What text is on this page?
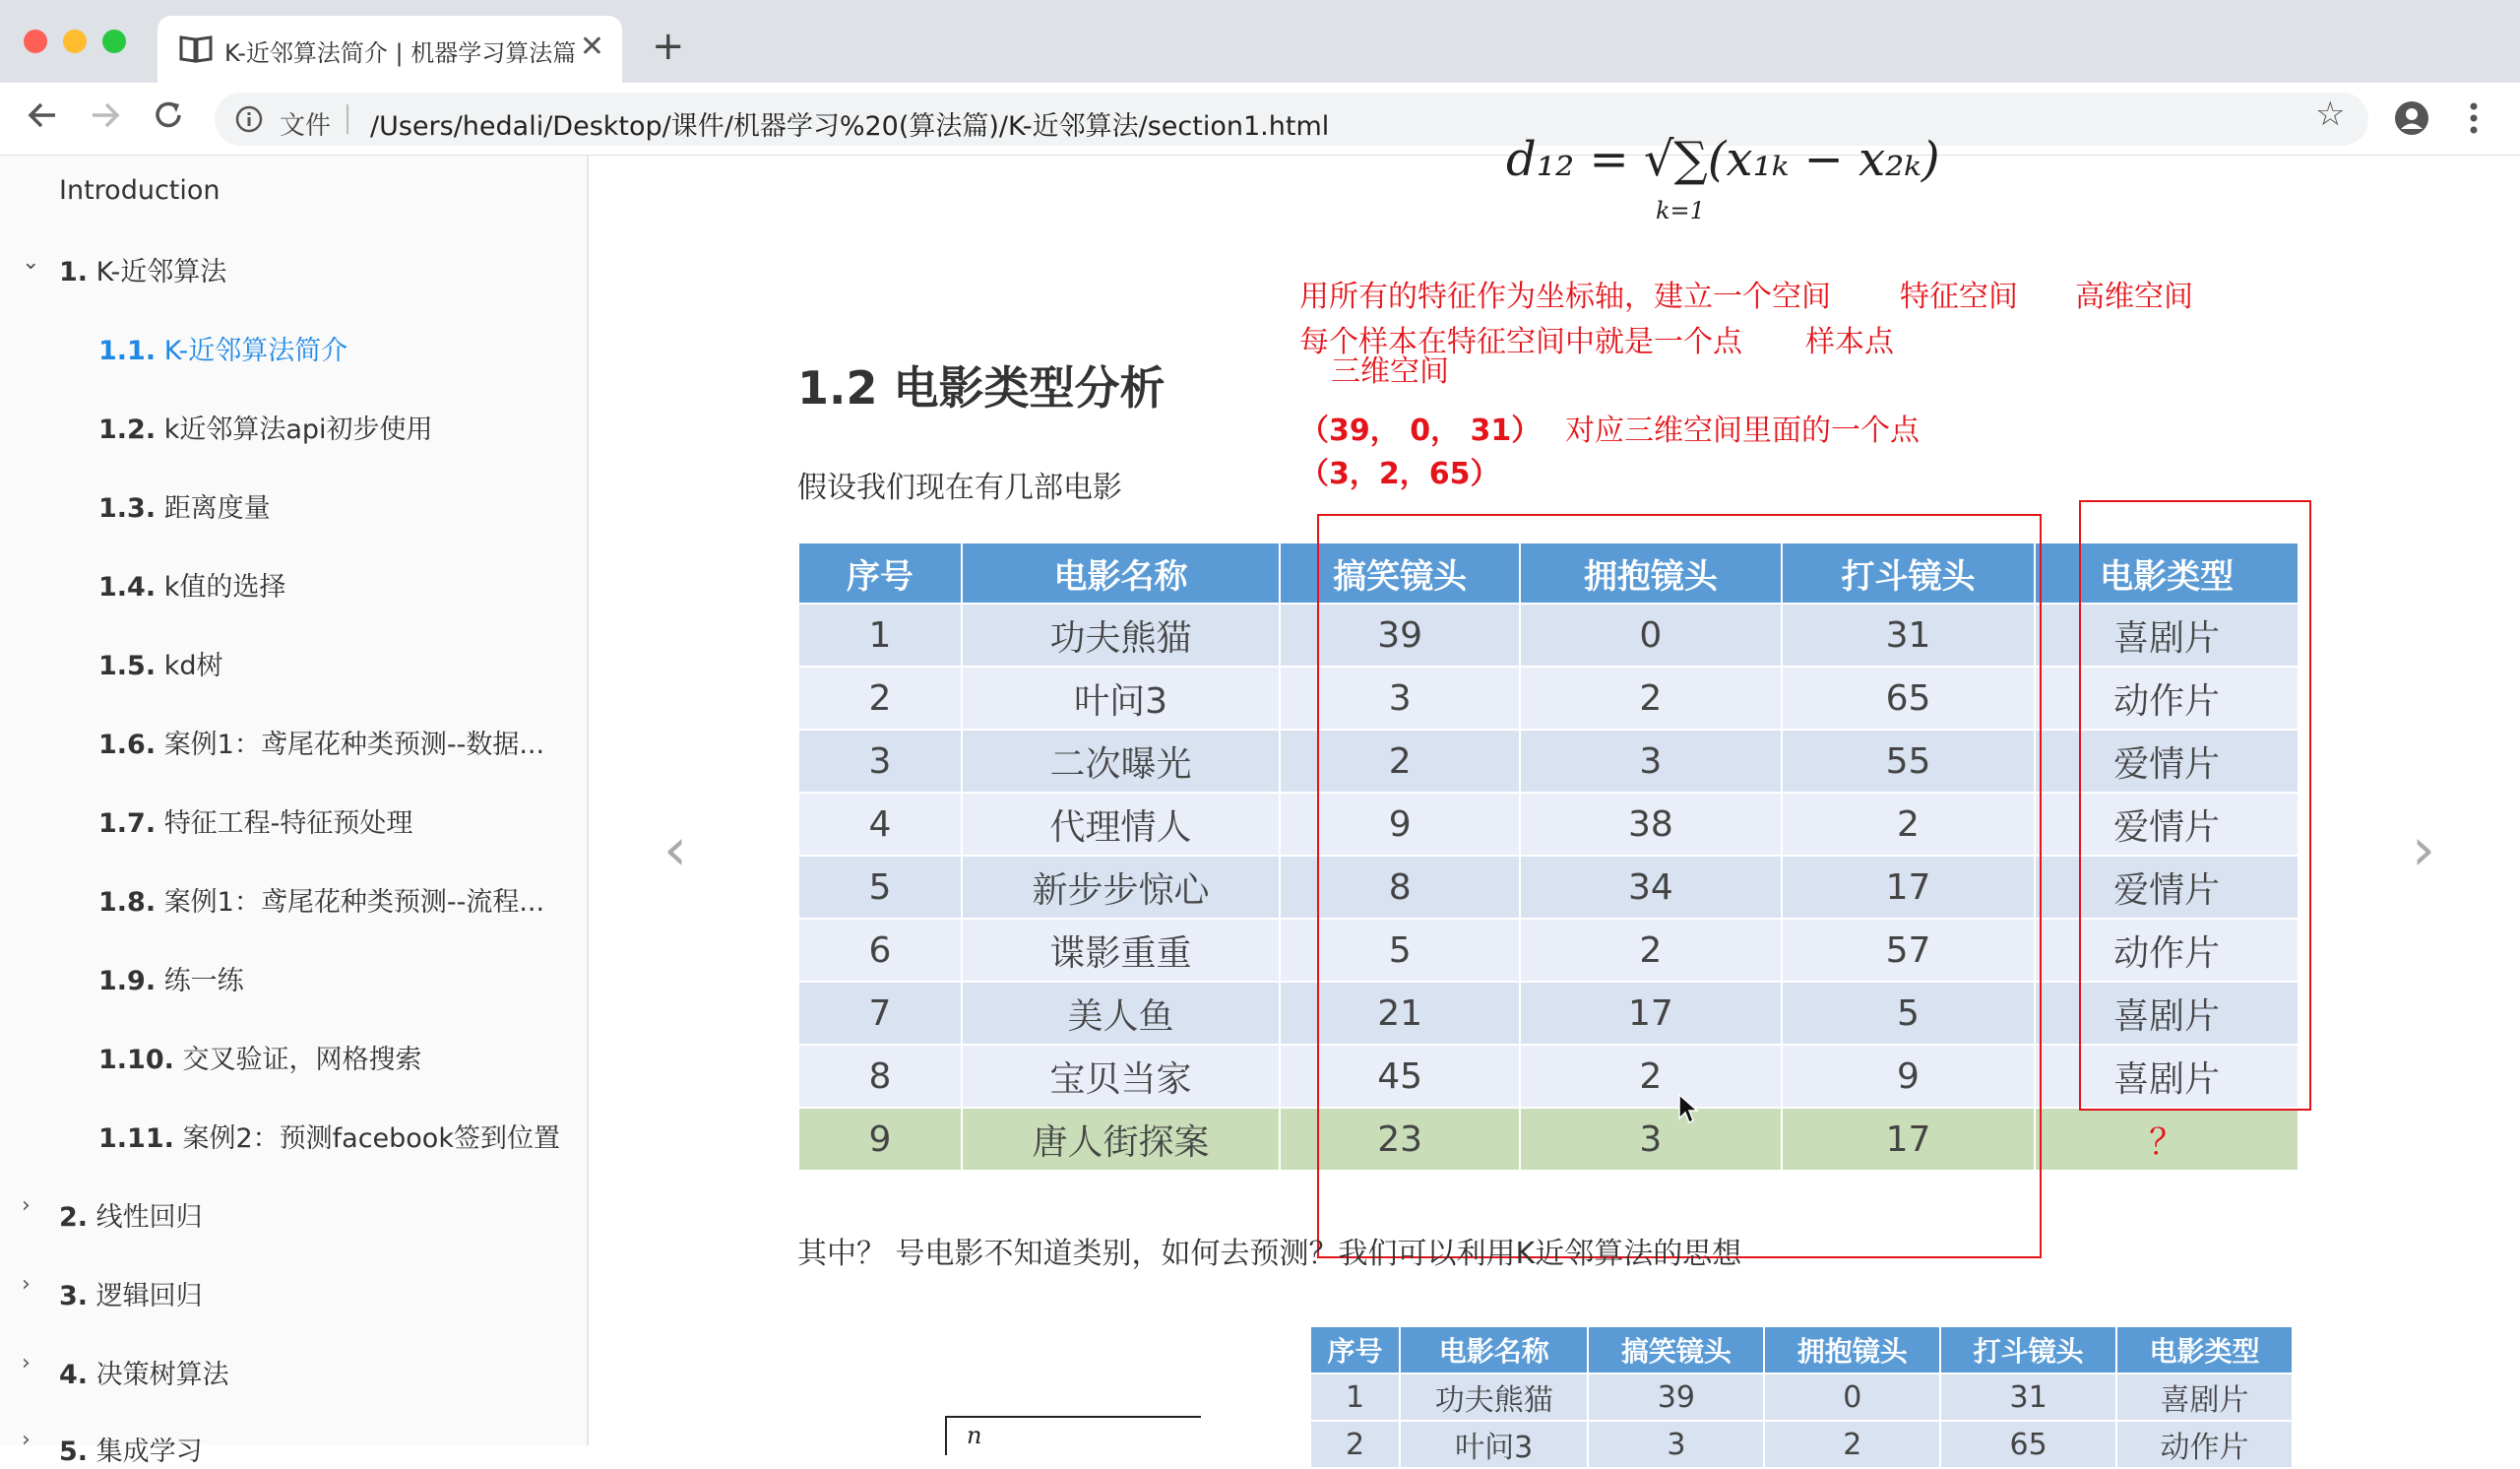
K-近邻算法简介 | 机器学习算法篇 ✕ +
文件 /Users/hedali/Desktop/课件/机器学习%20(算法篇)/K-近邻算法/section1.html	☆
Introduction
⌄ 1. K-近邻算法
1.1. K-近邻算法简介
1.2. k近邻算法api初步使用
1.3. 距离度量
1.4. k值的选择
1.5. kd树
1.6. 案例1：鸢尾花种类预测--数据...
1.7. 特征工程-特征预处理
1.8. 案例1：鸢尾花种类预测--流程...
1.9. 练一练
1.10. 交叉验证，网格搜索
1.11. 案例2：预测facebook签到位置
› 2. 线性回归
› 3. 逻辑回归
› 4. 决策树算法
› 5. 集成学习
d₁₂ = √∑(x₁ₖ − x₂ₖ)
k=1
用所有的特征作为坐标轴，建立一个空间 特征空间 高维空间
每个样本在特征空间中就是一个点 样本点
三维空间
（39， 0， 31） 对应三维空间里面的一个点
（3，2，65）
1.2 电影类型分析

假设我们现在有几部电影

序号	电影名称	搞笑镜头	拥抱镜头	打斗镜头	电影类型
1	功夫熊猫	39	0	31	喜剧片
2	叶问3	3	2	65	动作片
3	二次曝光	2	3	55	爱情片
4	代理情人	9	38	2	爱情片
5	新步步惊心	8	34	17	爱情片
6	谍影重重	5	2	57	动作片
7	美人鱼	21	17	5	喜剧片
8	宝贝当家	45	2	9	喜剧片
9	唐人街探案	23	3	17	？

其中？ 号电影不知道类别，如何去预测？我们可以利用K近邻算法的思想

n
序号	电影名称	搞笑镜头	拥抱镜头	打斗镜头	电影类型
1	功夫熊猫	39	0	31	喜剧片
2	叶问3	3	2	65	动作片
‹	›
